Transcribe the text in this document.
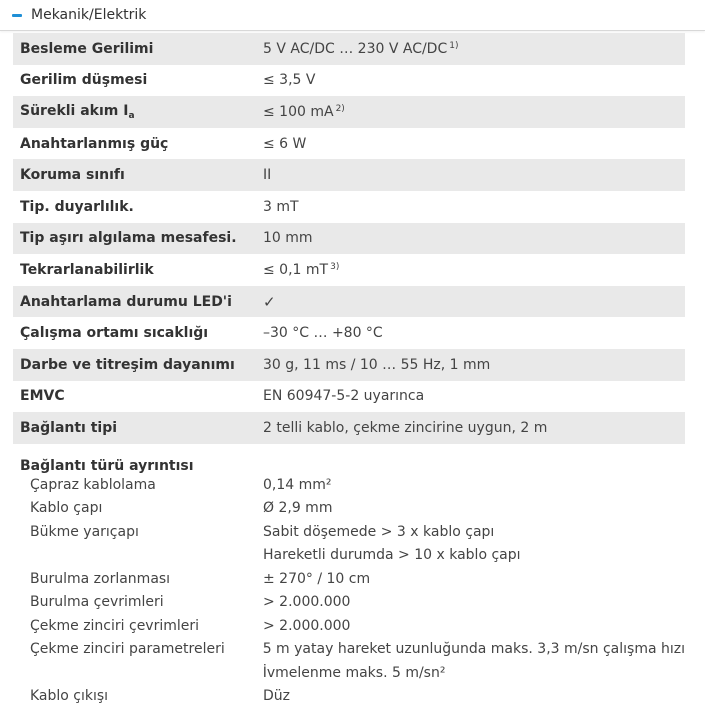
Mekanik/Elektrik
Besleme Gerilimi	5 V AC/DC … 230 V AC/DC $^{1)}$
Gerilim düşmesi	≤ 3,5 V
Sürekli akım $I_a$	≤ 100 mA $^{2)}$
Anahtarlanmış güç	≤ 6 W
Koruma sınıfı	II
Tip. duyarlılık.	3 mT
Tip aşırı algılama mesafesi.	10 mm
Tekrarlanabilirlik	≤ 0,1 mT $^{3)}$
Anahtarlama durumu LED'i	✓
Çalışma ortamı sıcaklığı	–30 °C … +80 °C
Darbe ve titreşim dayanımı	30 g, 11 ms / 10 … 55 Hz, 1 mm
EMVC	EN 60947-5-2 uyarınca
Bağlantı tipi	2 telli kablo, çekme zincirine uygun, 2 m
Bağlantı türü ayrıntısı
Çapraz kablolama	0,14 mm²
Kablo çapı	Ø 2,9 mm
Bükme yarıçapı	Sabit döşemede > 3 x kablo çapı
Hareketli durumda > 10 x kablo çapı
Burulma zorlanması	± 270° / 10 cm
Burulma çevrimleri	> 2.000.000
Çekme zinciri çevrimleri	> 2.000.000
Çekme zinciri parametreleri	5 m yatay hareket uzunluğunda maks. 3,3 m/sn çalışma hızı
İvmelenme maks. 5 m/sn²
Kablo çıkışı	Düz
